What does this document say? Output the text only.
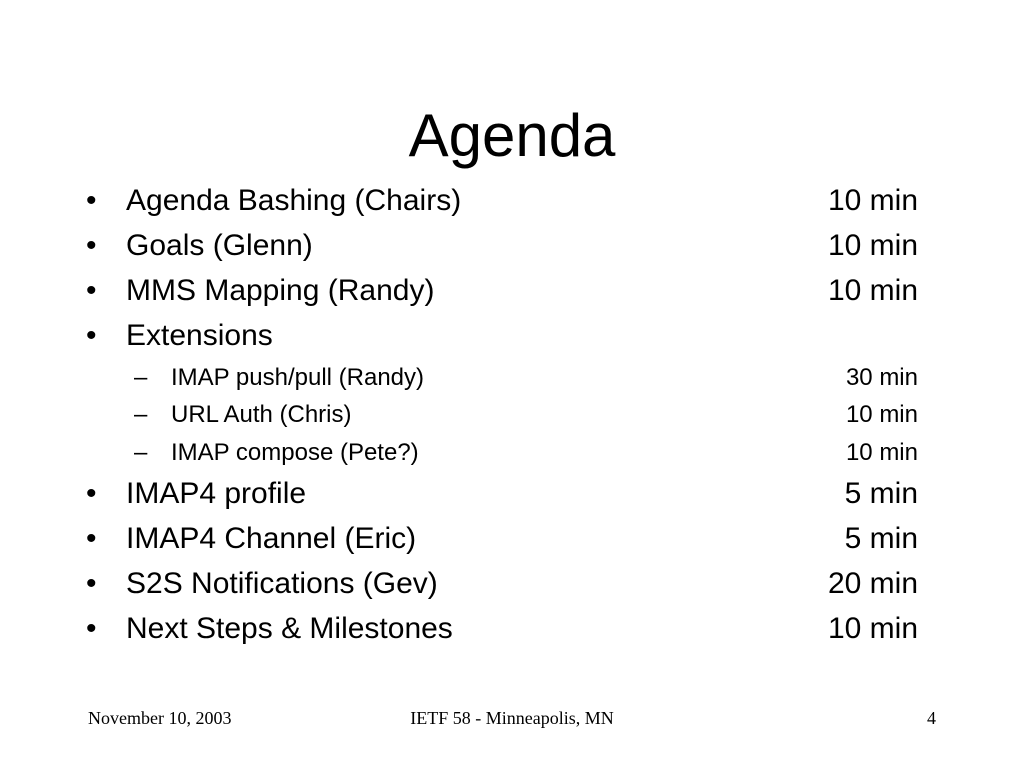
Agenda
• Agenda Bashing (Chairs)	10 min
• Goals (Glenn)	10 min
• MMS Mapping (Randy)	10 min
• Extensions
– IMAP push/pull (Randy)	30 min
– URL Auth (Chris)	10 min
– IMAP compose (Pete?)	10 min
• IMAP4 profile	5 min
• IMAP4 Channel (Eric)	5 min
• S2S Notifications (Gev)	20 min
• Next Steps & Milestones	10 min
November 10, 2003	IETF 58 - Minneapolis, MN	4
